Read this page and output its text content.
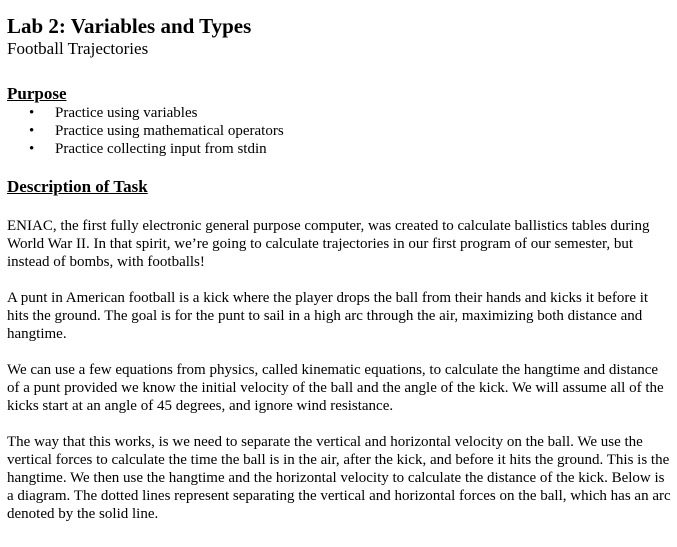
Lab 2: Variables and Types
Football Trajectories
Purpose
• Practice using variables
• Practice using mathematical operators
• Practice collecting input from stdin
Description of Task

ENIAC, the first fully electronic general purpose computer, was created to calculate ballistics tables during World War II. In that spirit, we’re going to calculate trajectories in our first program of our semester, but instead of bombs, with footballs!

A punt in American football is a kick where the player drops the ball from their hands and kicks it before it hits the ground. The goal is for the punt to sail in a high arc through the air, maximizing both distance and hangtime.

We can use a few equations from physics, called kinematic equations, to calculate the hangtime and distance of a punt provided we know the initial velocity of the ball and the angle of the kick. We will assume all of the kicks start at an angle of 45 degrees, and ignore wind resistance.

The way that this works, is we need to separate the vertical and horizontal velocity on the ball. We use the vertical forces to calculate the time the ball is in the air, after the kick, and before it hits the ground. This is the hangtime. We then use the hangtime and the horizontal velocity to calculate the distance of the kick. Below is a diagram. The dotted lines represent separating the vertical and horizontal forces on the ball, which has an arc denoted by the solid line.
